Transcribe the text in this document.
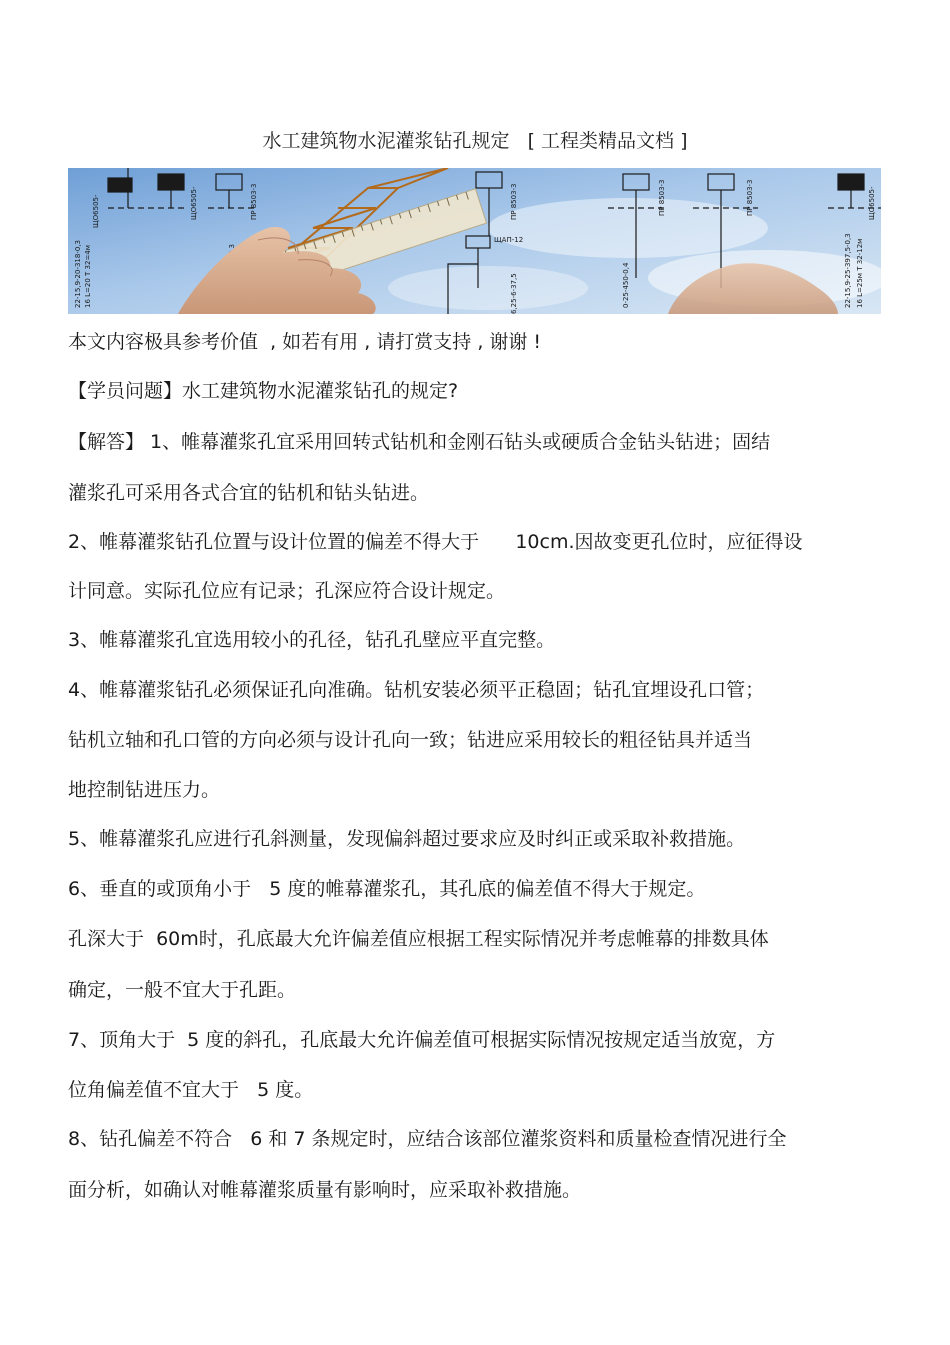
水工建筑物水泥灌浆钻孔规定   [ 工程类精品文档 ]
ЩО6505-	ЩО6505-	ПР 8503-3	ПР 8503-3	ПР 8503-3	ПР 8503-3	ЩО6505-
ЩАП-12
22-15,9-20-318-0,3 16 L=20 T 32=4м	6,25-6-37,5	0-25-450-0,4	22-15,9-25-397,5-0,3 16 L=25м T 32-12м
本文内容极具参考价值  , 如若有用 , 请打赏支持 , 谢谢 !
【学员问题】水工建筑物水泥灌浆钻孔的规定?
【解答】 1、帷幕灌浆孔宜采用回转式钻机和金刚石钻头或硬质合金钻头钻进；固结
灌浆孔可采用各式合宜的钻机和钻头钻进。
2、帷幕灌浆钻孔位置与设计位置的偏差不得大于      10cm.因故变更孔位时，应征得设
计同意。实际孔位应有记录；孔深应符合设计规定。
3、帷幕灌浆孔宜选用较小的孔径，钻孔孔壁应平直完整。
4、帷幕灌浆钻孔必须保证孔向准确。钻机安装必须平正稳固；钻孔宜埋设孔口管；
钻机立轴和孔口管的方向必须与设计孔向一致；钻进应采用较长的粗径钻具并适当
地控制钻进压力。
5、帷幕灌浆孔应进行孔斜测量，发现偏斜超过要求应及时纠正或采取补救措施。
6、垂直的或顶角小于   5 度的帷幕灌浆孔，其孔底的偏差值不得大于规定。
孔深大于  60m时，孔底最大允许偏差值应根据工程实际情况并考虑帷幕的排数具体
确定，一般不宜大于孔距。
7、顶角大于  5 度的斜孔，孔底最大允许偏差值可根据实际情况按规定适当放宽，方
位角偏差值不宜大于   5 度。
8、钻孔偏差不符合   6 和 7 条规定时，应结合该部位灌浆资料和质量检查情况进行全
面分析，如确认对帷幕灌浆质量有影响时，应采取补救措施。
